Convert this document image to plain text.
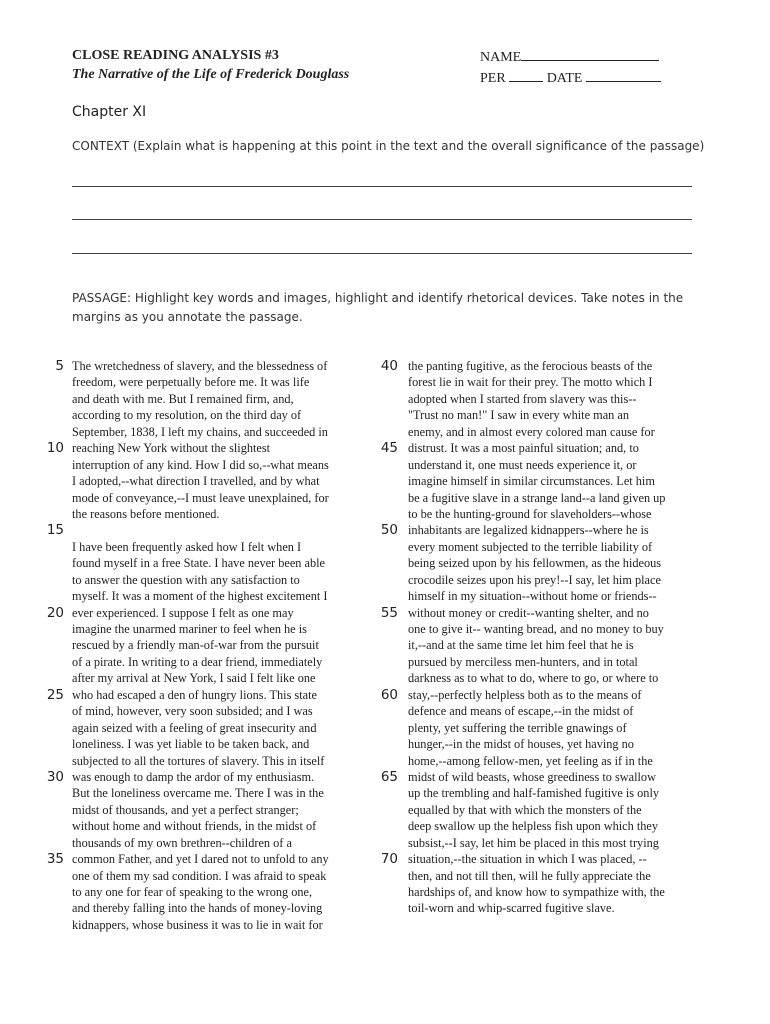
CLOSE READING ANALYSIS #3
The Narrative of the Life of Frederick Douglass
NAME
PER	DATE
Chapter XI
CONTEXT (Explain what is happening at this point in the text and the overall significance of the passage)
PASSAGE: Highlight key words and images, highlight and identify rhetorical devices. Take notes in the margins as you annotate the passage.
5
10
15
20
25
30
35
The wretchedness of slavery, and the blessedness of
freedom, were perpetually before me. It was life
and death with me. But I remained firm, and,
according to my resolution, on the third day of
September, 1838, I left my chains, and succeeded in
reaching New York without the slightest
interruption of any kind. How I did so,--what means
I adopted,--what direction I travelled, and by what
mode of conveyance,--I must leave unexplained, for
the reasons before mentioned.
I have been frequently asked how I felt when I
found myself in a free State. I have never been able
to answer the question with any satisfaction to
myself. It was a moment of the highest excitement I
ever experienced. I suppose I felt as one may
imagine the unarmed mariner to feel when he is
rescued by a friendly man-of-war from the pursuit
of a pirate. In writing to a dear friend, immediately
after my arrival at New York, I said I felt like one
who had escaped a den of hungry lions. This state
of mind, however, very soon subsided; and I was
again seized with a feeling of great insecurity and
loneliness. I was yet liable to be taken back, and
subjected to all the tortures of slavery. This in itself
was enough to damp the ardor of my enthusiasm.
But the loneliness overcame me. There I was in the
midst of thousands, and yet a perfect stranger;
without home and without friends, in the midst of
thousands of my own brethren--children of a
common Father, and yet I dared not to unfold to any
one of them my sad condition. I was afraid to speak
to any one for fear of speaking to the wrong one,
and thereby falling into the hands of money-loving
kidnappers, whose business it was to lie in wait for
40
45
50
55
60
65
70
the panting fugitive, as the ferocious beasts of the
forest lie in wait for their prey. The motto which I
adopted when I started from slavery was this--
"Trust no man!" I saw in every white man an
enemy, and in almost every colored man cause for
distrust. It was a most painful situation; and, to
understand it, one must needs experience it, or
imagine himself in similar circumstances. Let him
be a fugitive slave in a strange land--a land given up
to be the hunting-ground for slaveholders--whose
inhabitants are legalized kidnappers--where he is
every moment subjected to the terrible liability of
being seized upon by his fellowmen, as the hideous
crocodile seizes upon his prey!--I say, let him place
himself in my situation--without home or friends--
without money or credit--wanting shelter, and no
one to give it-- wanting bread, and no money to buy
it,--and at the same time let him feel that he is
pursued by merciless men-hunters, and in total
darkness as to what to do, where to go, or where to
stay,--perfectly helpless both as to the means of
defence and means of escape,--in the midst of
plenty, yet suffering the terrible gnawings of
hunger,--in the midst of houses, yet having no
home,--among fellow-men, yet feeling as if in the
midst of wild beasts, whose greediness to swallow
up the trembling and half-famished fugitive is only
equalled by that with which the monsters of the
deep swallow up the helpless fish upon which they
subsist,--I say, let him be placed in this most trying
situation,--the situation in which I was placed, --
then, and not till then, will he fully appreciate the
hardships of, and know how to sympathize with, the
toil-worn and whip-scarred fugitive slave.
